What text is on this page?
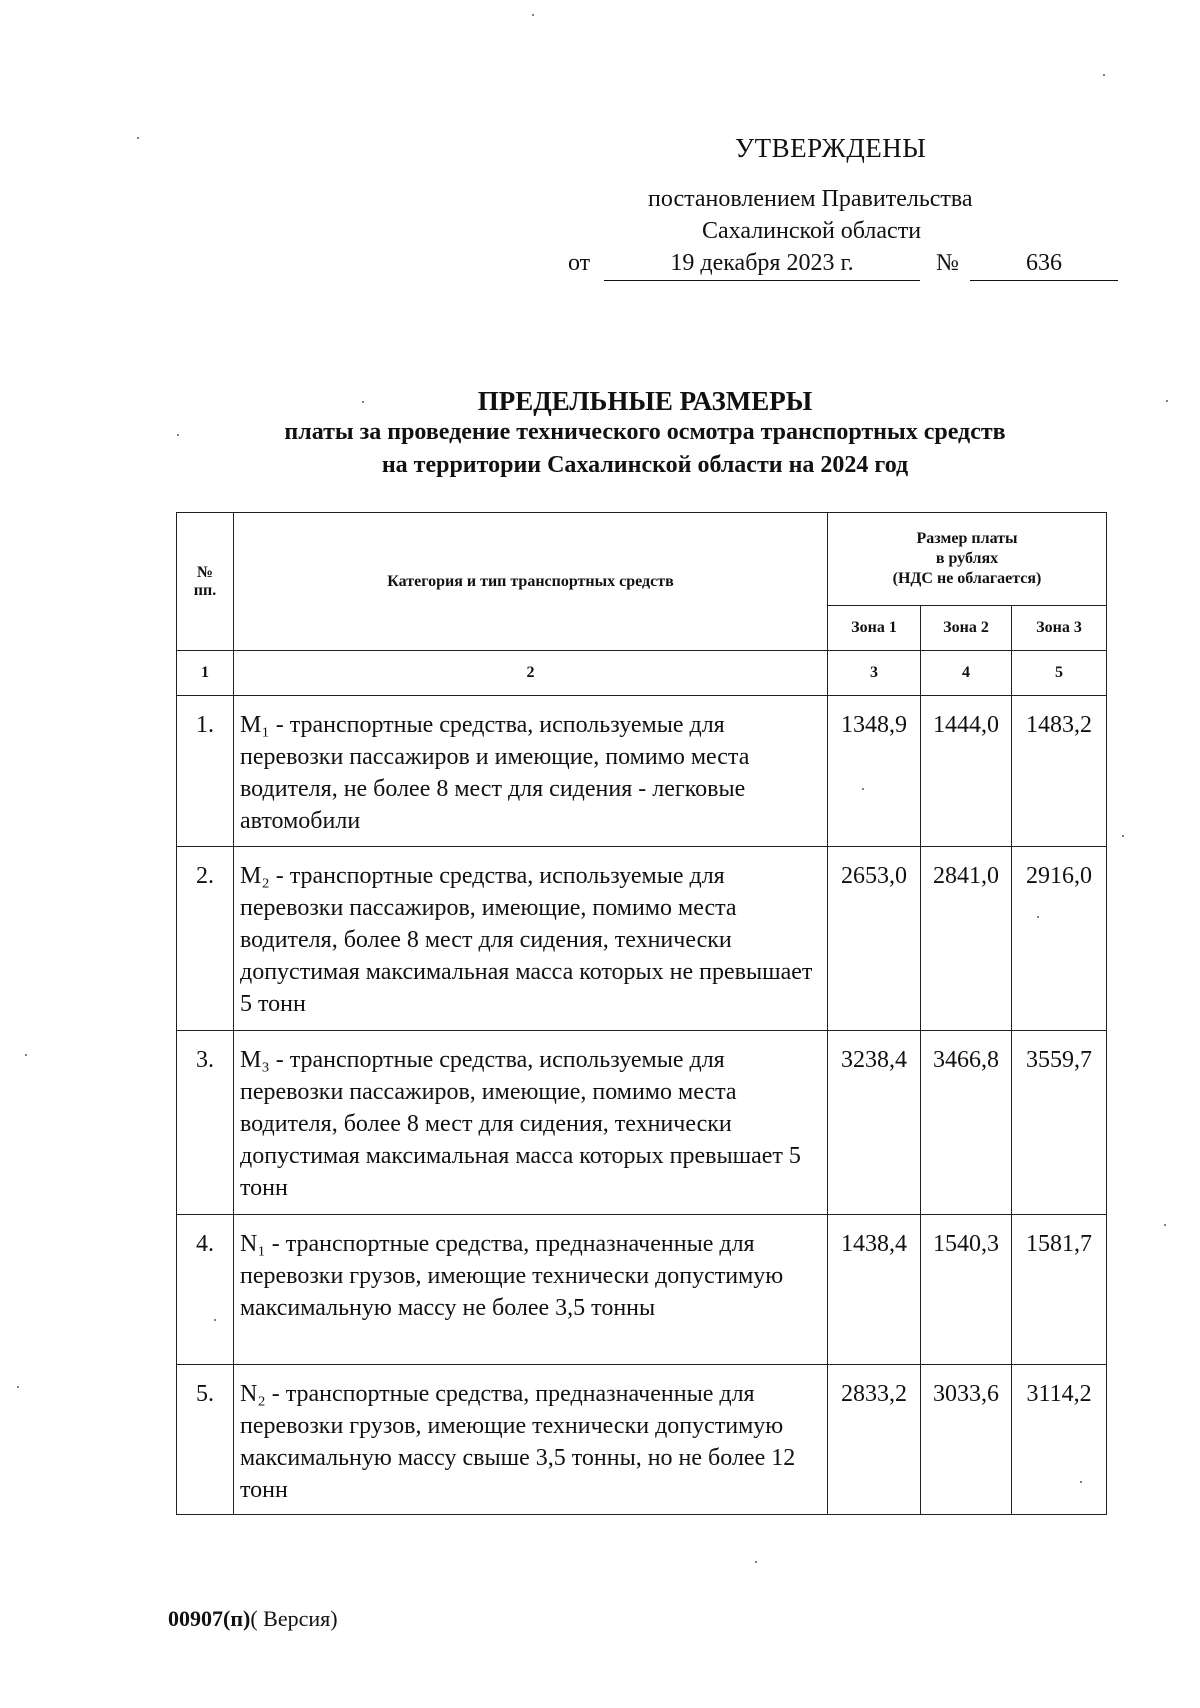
УТВЕРЖДЕНЫ
постановлением Правительства
Сахалинской области
от	19 декабря 2023 г.	№	636
ПРЕДЕЛЬНЫЕ РАЗМЕРЫ
платы за проведение технического осмотра транспортных средств
на территории Сахалинской области на 2024 год
№
пп.	Категория и тип транспортных средств	Размер платы
в рублях
(НДС не облагается)		
		Зона 1	Зона 2	Зона 3
1	2	3	4	5
1.	M₁ - транспортные средства, используемые для перевозки пассажиров и имеющие, помимо места водителя, не более 8 мест для сидения - легковые автомобили	1348,9	1444,0	1483,2
2.	M₂ - транспортные средства, используемые для перевозки пассажиров, имеющие, помимо места водителя, более 8 мест для сидения, технически допустимая максимальная масса которых не превышает 5 тонн	2653,0	2841,0	2916,0
3.	M₃ - транспортные средства, используемые для перевозки пассажиров, имеющие, помимо места водителя, более 8 мест для сидения, технически допустимая максимальная масса которых превышает 5 тонн	3238,4	3466,8	3559,7
4.	N₁ - транспортные средства, предназначенные для перевозки грузов, имеющие технически допустимую максимальную массу не более 3,5 тонны	1438,4	1540,3	1581,7
5.	N₂ - транспортные средства, предназначенные для перевозки грузов, имеющие технически допустимую максимальную массу свыше 3,5 тонны, но не более 12 тонн	2833,2	3033,6	3114,2
00907(п)( Версия)
